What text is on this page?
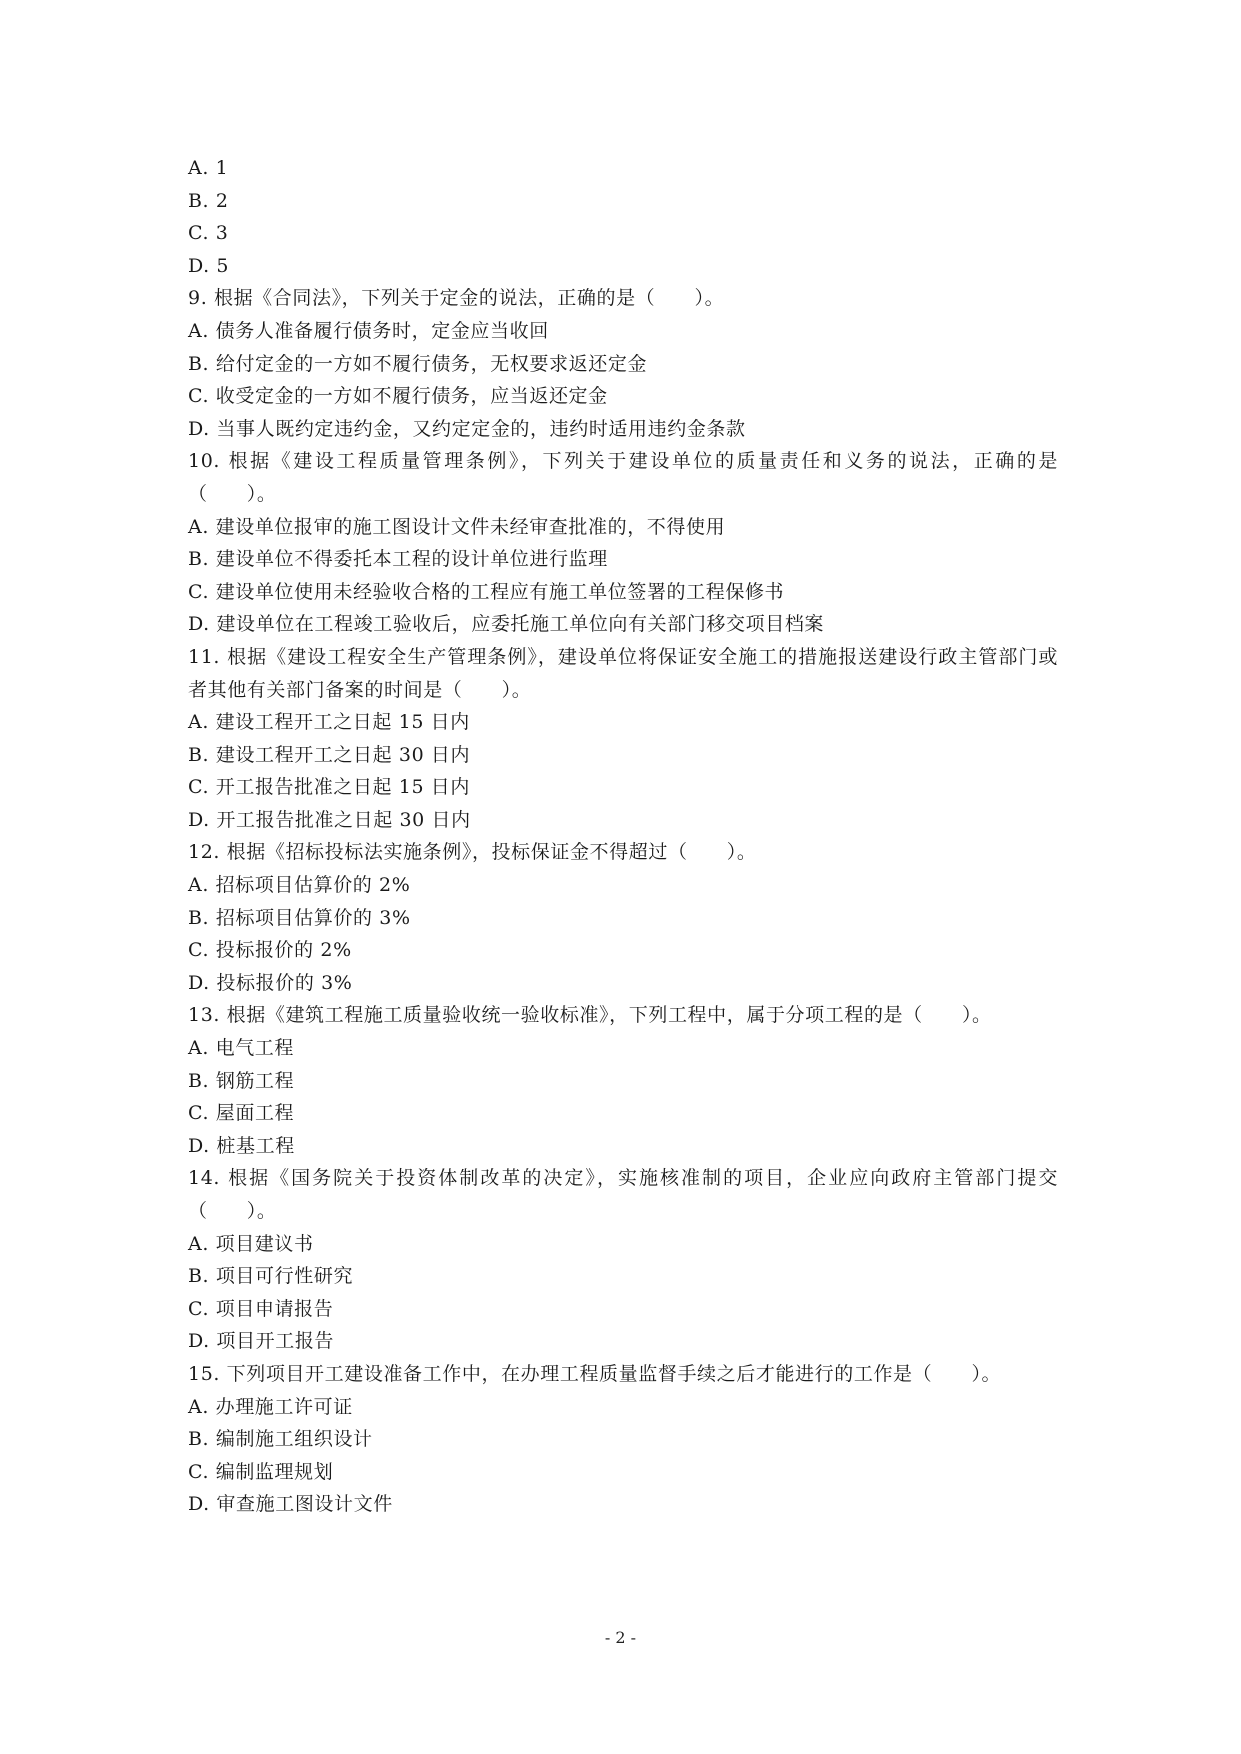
A. 1
B. 2
C. 3
D. 5
9. 根据《合同法》，下列关于定金的说法，正确的是（　　）。
A. 债务人准备履行债务时，定金应当收回
B. 给付定金的一方如不履行债务，无权要求返还定金
C. 收受定金的一方如不履行债务，应当返还定金
D. 当事人既约定违约金，又约定定金的，违约时适用违约金条款
10. 根据《建设工程质量管理条例》，下列关于建设单位的质量责任和义务的说法，正确的是（　　）。
A. 建设单位报审的施工图设计文件未经审查批准的，不得使用
B. 建设单位不得委托本工程的设计单位进行监理
C. 建设单位使用未经验收合格的工程应有施工单位签署的工程保修书
D. 建设单位在工程竣工验收后，应委托施工单位向有关部门移交项目档案
11. 根据《建设工程安全生产管理条例》，建设单位将保证安全施工的措施报送建设行政主管部门或者其他有关部门备案的时间是（　　）。
A. 建设工程开工之日起 15 日内
B. 建设工程开工之日起 30 日内
C. 开工报告批准之日起 15 日内
D. 开工报告批准之日起 30 日内
12. 根据《招标投标法实施条例》，投标保证金不得超过（　　）。
A. 招标项目估算价的 2%
B. 招标项目估算价的 3%
C. 投标报价的 2%
D. 投标报价的 3%
13. 根据《建筑工程施工质量验收统一验收标准》，下列工程中，属于分项工程的是（　　）。
A. 电气工程
B. 钢筋工程
C. 屋面工程
D. 桩基工程
14. 根据《国务院关于投资体制改革的决定》，实施核准制的项目，企业应向政府主管部门提交（　　）。
A. 项目建议书
B. 项目可行性研究
C. 项目申请报告
D. 项目开工报告
15. 下列项目开工建设准备工作中，在办理工程质量监督手续之后才能进行的工作是（　　）。
A. 办理施工许可证
B. 编制施工组织设计
C. 编制监理规划
D. 审查施工图设计文件
- 2 -
